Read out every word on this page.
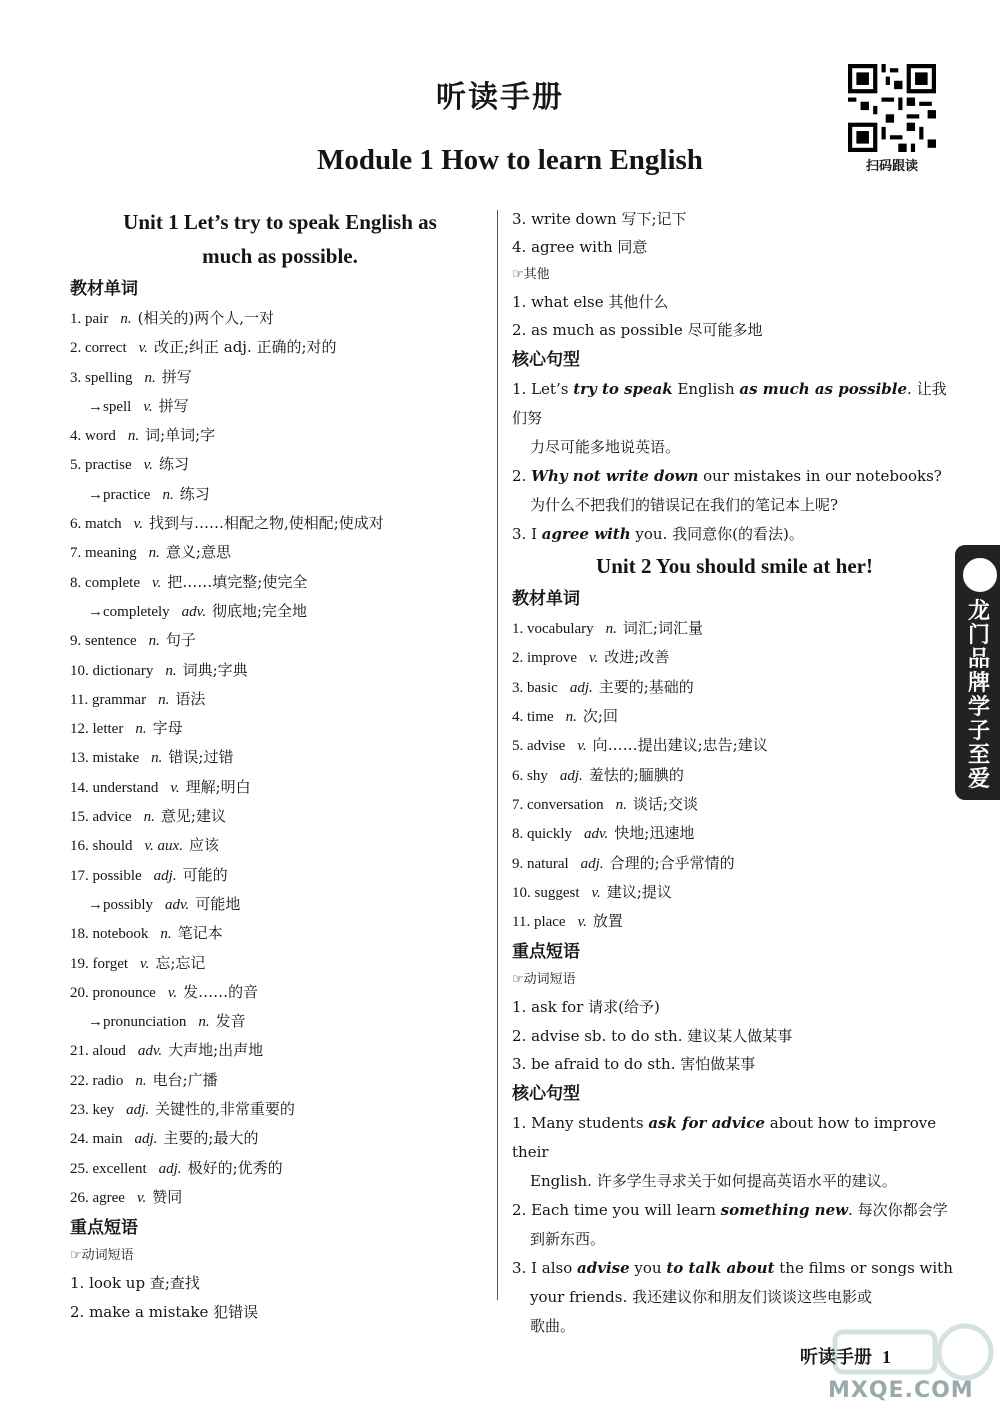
听读手册
Module 1 How to learn English	扫码跟读
Unit 1 Let’s try to speak English as
much as possible.
教材单词
1. pair n. (相关的)两个人,一对
2. correct v. 改正;纠正 adj. 正确的;对的
3. spelling n. 拼写
→spell v. 拼写
4. word n. 词;单词;字
5. practise v. 练习
→practice n. 练习
6. match v. 找到与……相配之物,使相配;使成对
7. meaning n. 意义;意思
8. complete v. 把……填完整;使完全
→completely adv. 彻底地;完全地
9. sentence n. 句子
10. dictionary n. 词典;字典
11. grammar n. 语法
12. letter n. 字母
13. mistake n. 错误;过错
14. understand v. 理解;明白
15. advice n. 意见;建议
16. should v. aux. 应该
17. possible adj. 可能的
→possibly adv. 可能地
18. notebook n. 笔记本
19. forget v. 忘;忘记
20. pronounce v. 发……的音
→pronunciation n. 发音
21. aloud adv. 大声地;出声地
22. radio n. 电台;广播
23. key adj. 关键性的,非常重要的
24. main adj. 主要的;最大的
25. excellent adj. 极好的;优秀的
26. agree v. 赞同
重点短语
☞动词短语
1. look up 查;查找
2. make a mistake 犯错误
3. write down 写下;记下
4. agree with 同意
☞其他
1. what else 其他什么
2. as much as possible 尽可能多地
核心句型
1. Let’s try to speak English as much as possible. 让我们努
力尽可能多地说英语。
2. Why not write down our mistakes in our notebooks?
为什么不把我们的错误记在我们的笔记本上呢?
3. I agree with you. 我同意你(的看法)。
Unit 2 You should smile at her!
教材单词
1. vocabulary n. 词汇;词汇量
2. improve v. 改进;改善
3. basic adj. 主要的;基础的
4. time n. 次;回
5. advise v. 向……提出建议;忠告;建议
6. shy adj. 羞怯的;腼腆的
7. conversation n. 谈话;交谈
8. quickly adv. 快地;迅速地
9. natural adj. 合理的;合乎常情的
10. suggest v. 建议;提议
11. place v. 放置
重点短语
☞动词短语
1. ask for 请求(给予)
2. advise sb. to do sth. 建议某人做某事
3. be afraid to do sth. 害怕做某事
核心句型
1. Many students ask for advice about how to improve their
English. 许多学生寻求关于如何提高英语水平的建议。
2. Each time you will learn something new. 每次你都会学
到新东西。
3. I also advise you to talk about the films or songs with
your friends. 我还建议你和朋友们谈谈这些电影或
歌曲。
龙门品牌 学子至爱
听读手册 1
MXQE.COM
